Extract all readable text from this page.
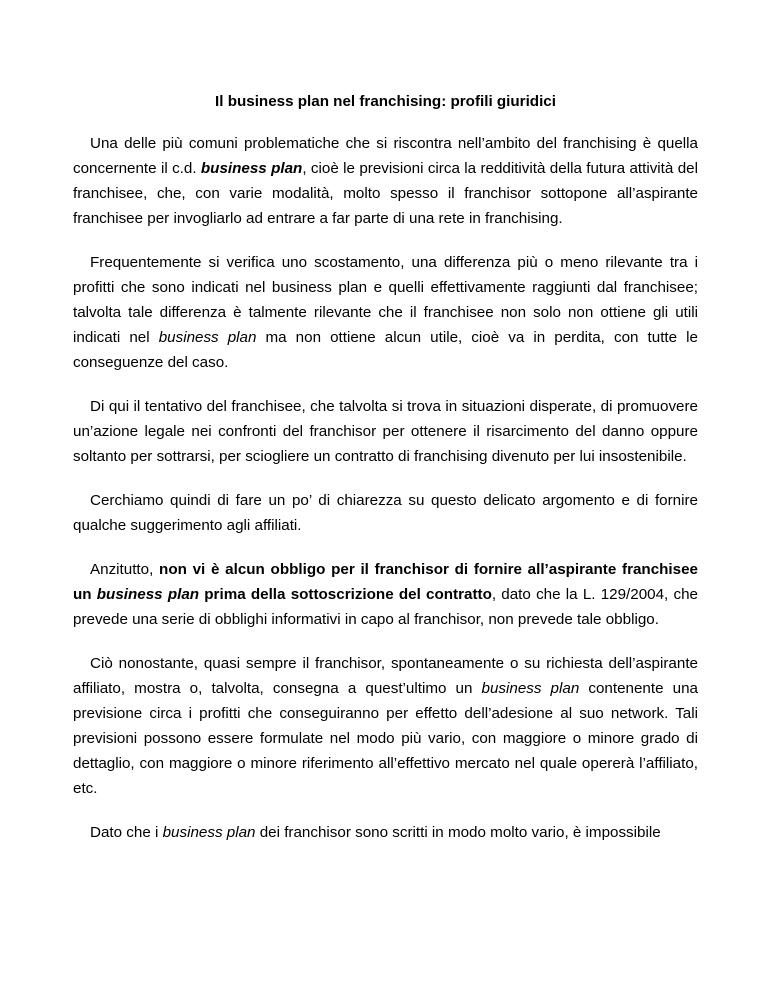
Il business plan nel franchising: profili giuridici

Una delle più comuni problematiche che si riscontra nell’ambito del franchising è quella concernente il c.d. business plan, cioè le previsioni circa la redditività della futura attività del franchisee, che, con varie modalità, molto spesso il franchisor sottopone all’aspirante franchisee per invogliarlo ad entrare a far parte di una rete in franchising.

Frequentemente si verifica uno scostamento, una differenza più o meno rilevante tra i profitti che sono indicati nel business plan e quelli effettivamente raggiunti dal franchisee; talvolta tale differenza è talmente rilevante che il franchisee non solo non ottiene gli utili indicati nel business plan ma non ottiene alcun utile, cioè va in perdita, con tutte le conseguenze del caso.

Di qui il tentativo del franchisee, che talvolta si trova in situazioni disperate, di promuovere un’azione legale nei confronti del franchisor per ottenere il risarcimento del danno oppure soltanto per sottrarsi, per sciogliere un contratto di franchising divenuto per lui insostenibile.

Cerchiamo quindi di fare un po’ di chiarezza su questo delicato argomento e di fornire qualche suggerimento agli affiliati.

Anzitutto, non vi è alcun obbligo per il franchisor di fornire all’aspirante franchisee un business plan prima della sottoscrizione del contratto, dato che la L. 129/2004, che prevede una serie di obblighi informativi in capo al franchisor, non prevede tale obbligo.

Ciò nonostante, quasi sempre il franchisor, spontaneamente o su richiesta dell’aspirante affiliato, mostra o, talvolta, consegna a quest’ultimo un business plan contenente una previsione circa i profitti che conseguiranno per effetto dell’adesione al suo network. Tali previsioni possono essere formulate nel modo più vario, con maggiore o minore grado di dettaglio, con maggiore o minore riferimento all’effettivo mercato nel quale opererà l’affiliato, etc.

Dato che i business plan dei franchisor sono scritti in modo molto vario, è impossibile
